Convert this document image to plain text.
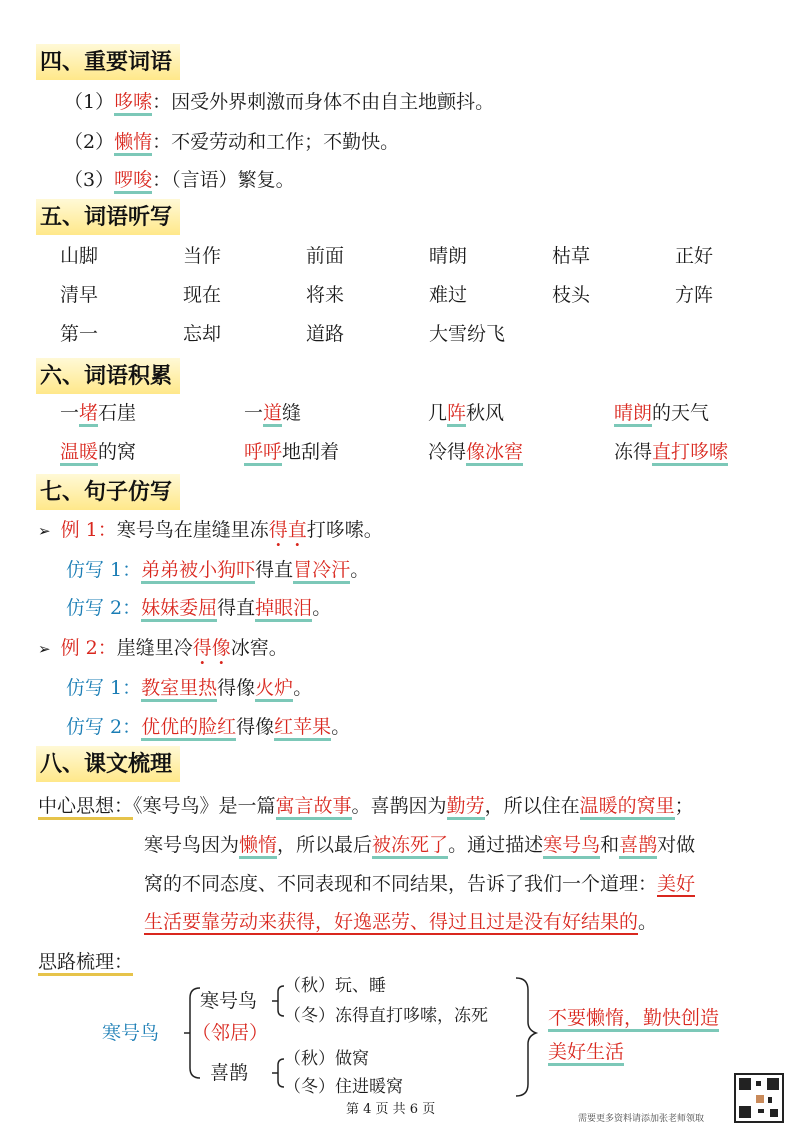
四、重要词语
（1）哆嗦：因受外界刺激而身体不由自主地颤抖。
（2）懒惰：不爱劳动和工作；不勤快。
（3）啰唆：（言语）繁复。
五、词语听写
山脚	当作	前面	晴朗	枯草	正好
清早	现在	将来	难过	枝头	方阵
第一	忘却	道路	大雪纷飞
六、词语积累
一堵石崖	一道缝	几阵秋风	晴朗的天气
温暖的窝	呼呼地刮着	冷得像冰窖	冻得直打哆嗦
七、句子仿写
➢ 例 1：寒号鸟在崖缝里冻得直打哆嗦。
仿写 1：弟弟被小狗吓得直冒冷汗。
仿写 2：妹妹委屈得直掉眼泪。
➢ 例 2：崖缝里冷得像冰窖。
仿写 1：教室里热得像火炉。
仿写 2：优优的脸红得像红苹果。
八、课文梳理
中心思想：《寒号鸟》是一篇寓言故事。喜鹊因为勤劳，所以住在温暖的窝里；
寒号鸟因为懒惰，所以最后被冻死了。通过描述寒号鸟和喜鹊对做
窝的不同态度、不同表现和不同结果，告诉了我们一个道理：美好
生活要靠劳动来获得，好逸恶劳、得过且过是没有好结果的。
思路梳理：
寒号鸟 （邻居）
寒号鸟
（秋）玩、睡
（冬）冻得直打哆嗦，冻死
喜鹊
（秋）做窝
（冬）住进暖窝
不要懒惰，勤快创造
美好生活
第 4 页 共 6 页
需要更多资料请添加张老师领取
